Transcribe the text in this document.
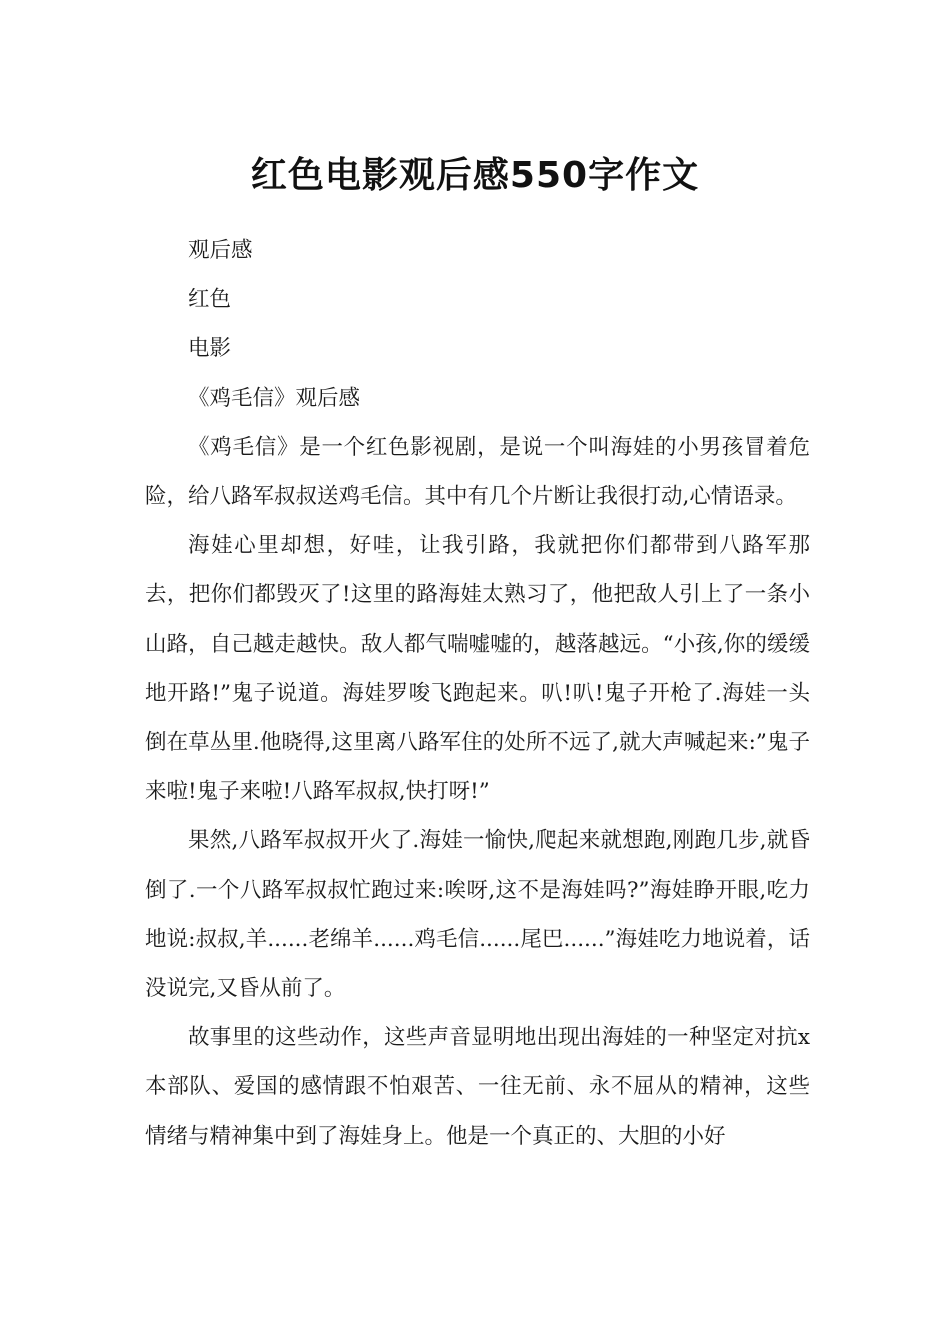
红色电影观后感550字作文

观后感

红色

电影

《鸡毛信》观后感

《鸡毛信》是一个红色影视剧，是说一个叫海娃的小男孩冒着危险，给八路军叔叔送鸡毛信。其中有几个片断让我很打动,心情语录。

海娃心里却想，好哇，让我引路，我就把你们都带到八路军那去，把你们都毁灭了!这里的路海娃太熟习了，他把敌人引上了一条小山路，自己越走越快。敌人都气喘嘘嘘的，越落越远。“小孩,你的缓缓地开路!”鬼子说道。海娃罗唆飞跑起来。叭!叭!鬼子开枪了.海娃一头倒在草丛里.他晓得,这里离八路军住的处所不远了,就大声喊起来:”鬼子来啦!鬼子来啦!八路军叔叔,快打呀!”

果然,八路军叔叔开火了.海娃一愉快,爬起来就想跑,刚跑几步,就昏倒了.一个八路军叔叔忙跑过来:唉呀,这不是海娃吗?”海娃睁开眼,吃力地说:叔叔,羊......老绵羊......鸡毛信......尾巴......”海娃吃力地说着，话没说完,又昏从前了。

故事里的这些动作，这些声音显明地出现出海娃的一种坚定对抗x本部队、爱国的感情跟不怕艰苦、一往无前、永不屈从的精神，这些情绪与精神集中到了海娃身上。他是一个真正的、大胆的小好
